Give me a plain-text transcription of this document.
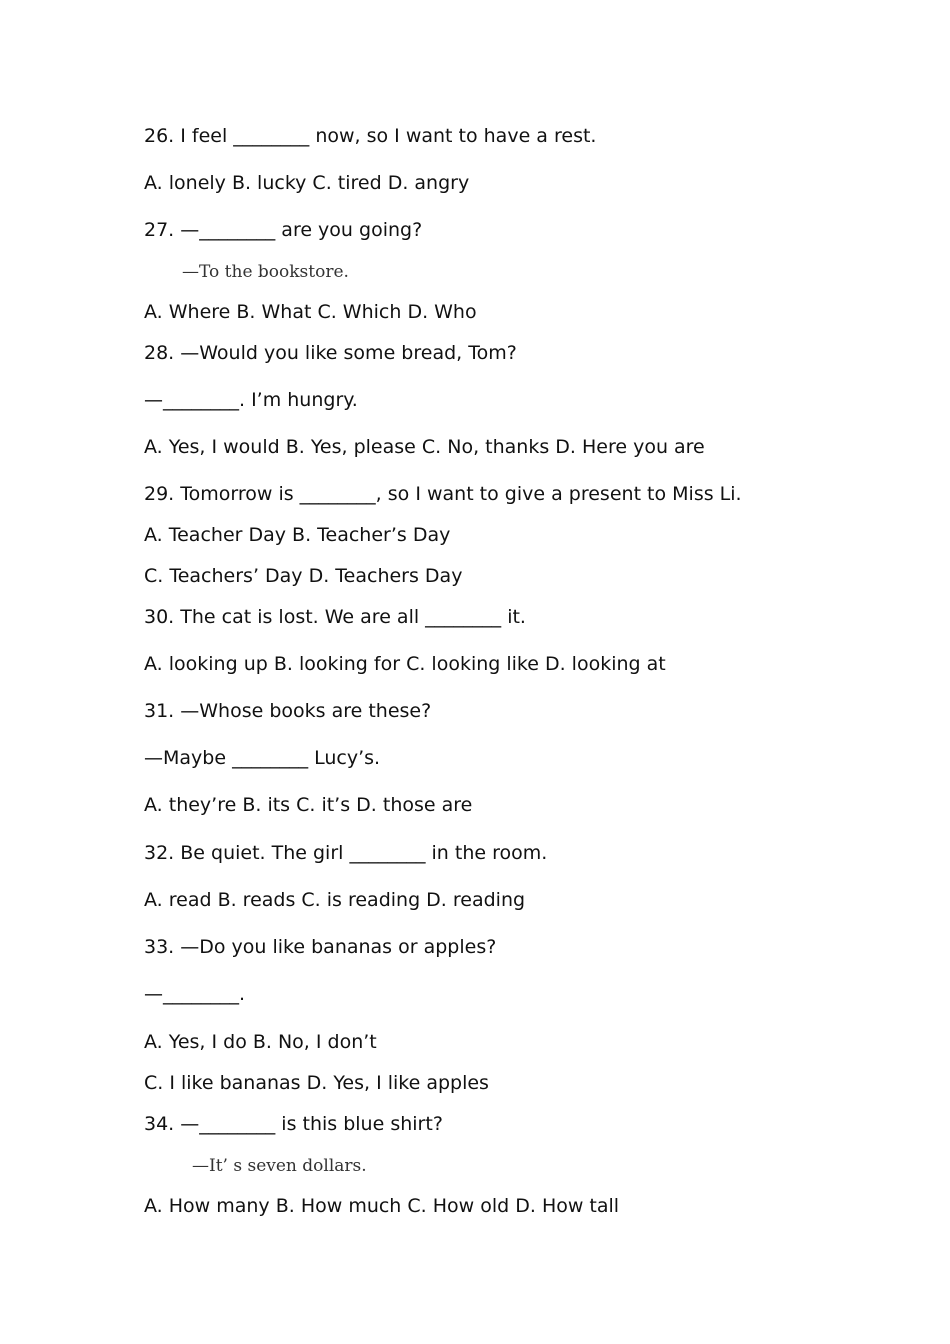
26. I feel ________ now, so I want to have a rest.
A. lonely B. lucky C. tired D. angry
27. —________ are you going?
—To the bookstore.
A. Where B. What C. Which D. Who
28. —Would you like some bread, Tom?
—________. I’m hungry.
A. Yes, I would B. Yes, please C. No, thanks D. Here you are
29. Tomorrow is ________, so I want to give a present to Miss Li.
A. Teacher Day B. Teacher’s Day
C. Teachers’ Day D. Teachers Day
30. The cat is lost. We are all ________ it.
A. looking up B. looking for C. looking like D. looking at
31. —Whose books are these?
—Maybe ________ Lucy’s.
A. they’re B. its C. it’s D. those are
32. Be quiet. The girl ________ in the room.
A. read B. reads C. is reading D. reading
33. —Do you like bananas or apples?
—________.
A. Yes, I do B. No, I don’t
C. I like bananas D. Yes, I like apples
34. —________ is this blue shirt?
—It’ s seven dollars.
A. How many B. How much C. How old D. How tall
